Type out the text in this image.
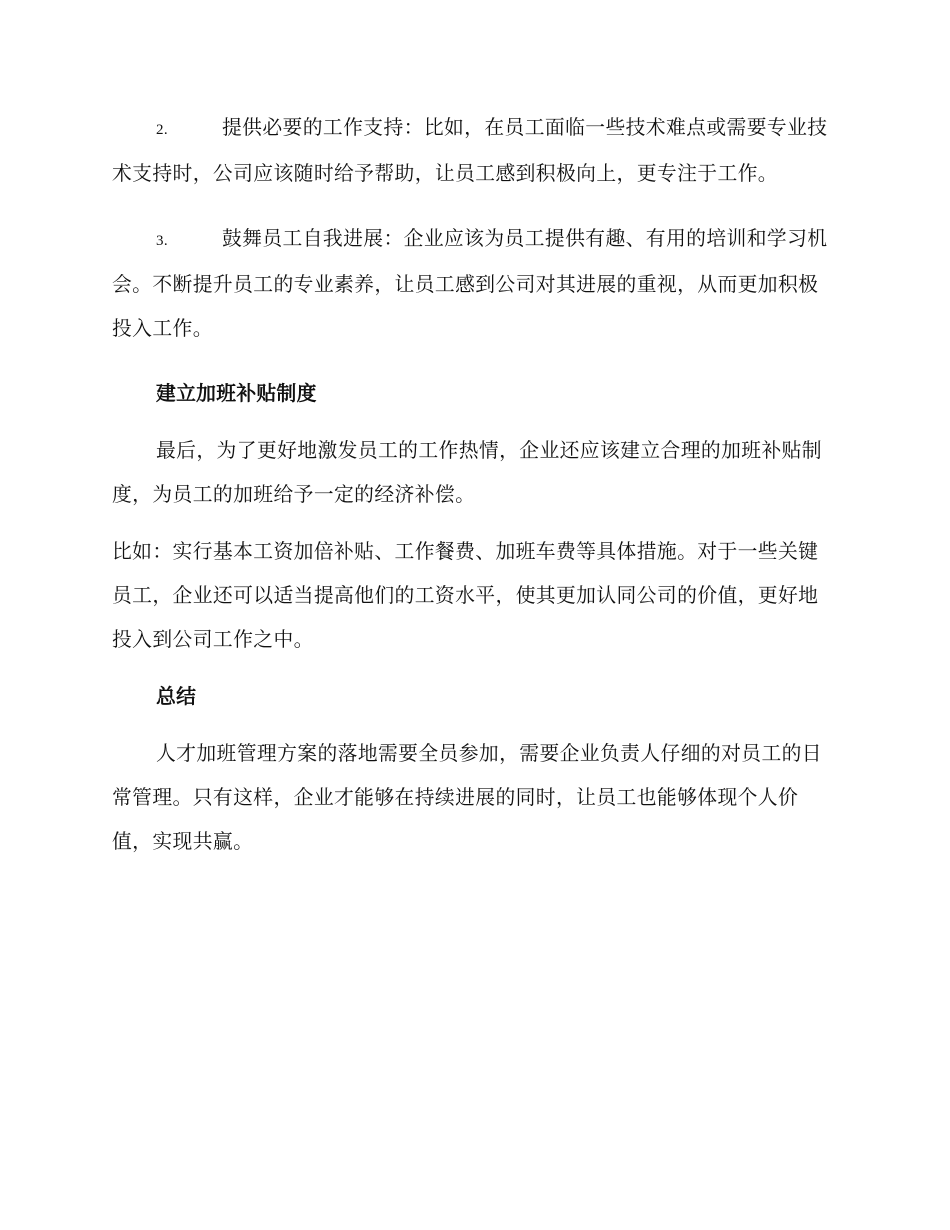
2.	提供必要的工作支持：比如，在员工面临一些技术难点或需要专业技术支持时，公司应该随时给予帮助，让员工感到积极向上，更专注于工作。

3.	鼓舞员工自我进展：企业应该为员工提供有趣、有用的培训和学习机会。不断提升员工的专业素养，让员工感到公司对其进展的重视，从而更加积极投入工作。

建立加班补贴制度

最后，为了更好地激发员工的工作热情，企业还应该建立合理的加班补贴制度，为员工的加班给予一定的经济补偿。

比如：实行基本工资加倍补贴、工作餐费、加班车费等具体措施。对于一些关键员工，企业还可以适当提高他们的工资水平，使其更加认同公司的价值，更好地投入到公司工作之中。

总结

人才加班管理方案的落地需要全员参加，需要企业负责人仔细的对员工的日常管理。只有这样，企业才能够在持续进展的同时，让员工也能够体现个人价值，实现共赢。
